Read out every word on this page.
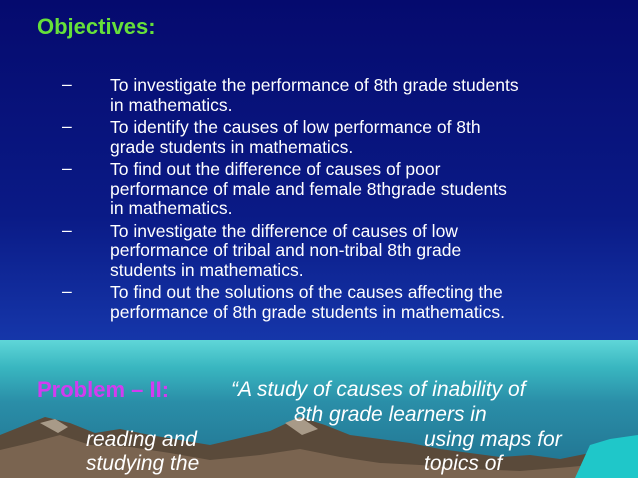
Objectives:
– To investigate the performance of 8th grade students
in mathematics.
– To identify the causes of low performance of 8th
grade students in mathematics.
– To find out the difference of causes of poor
performance of male and female 8thgrade students
in mathematics.
– To investigate the difference of causes of low
performance of tribal and non-tribal 8th grade
students in mathematics.
– To find out the solutions of the causes affecting the
performance of 8th grade students in mathematics.
Problem – II:	“A study of causes of inability of
8th grade learners in
reading and	using maps for
studying the	topics of
